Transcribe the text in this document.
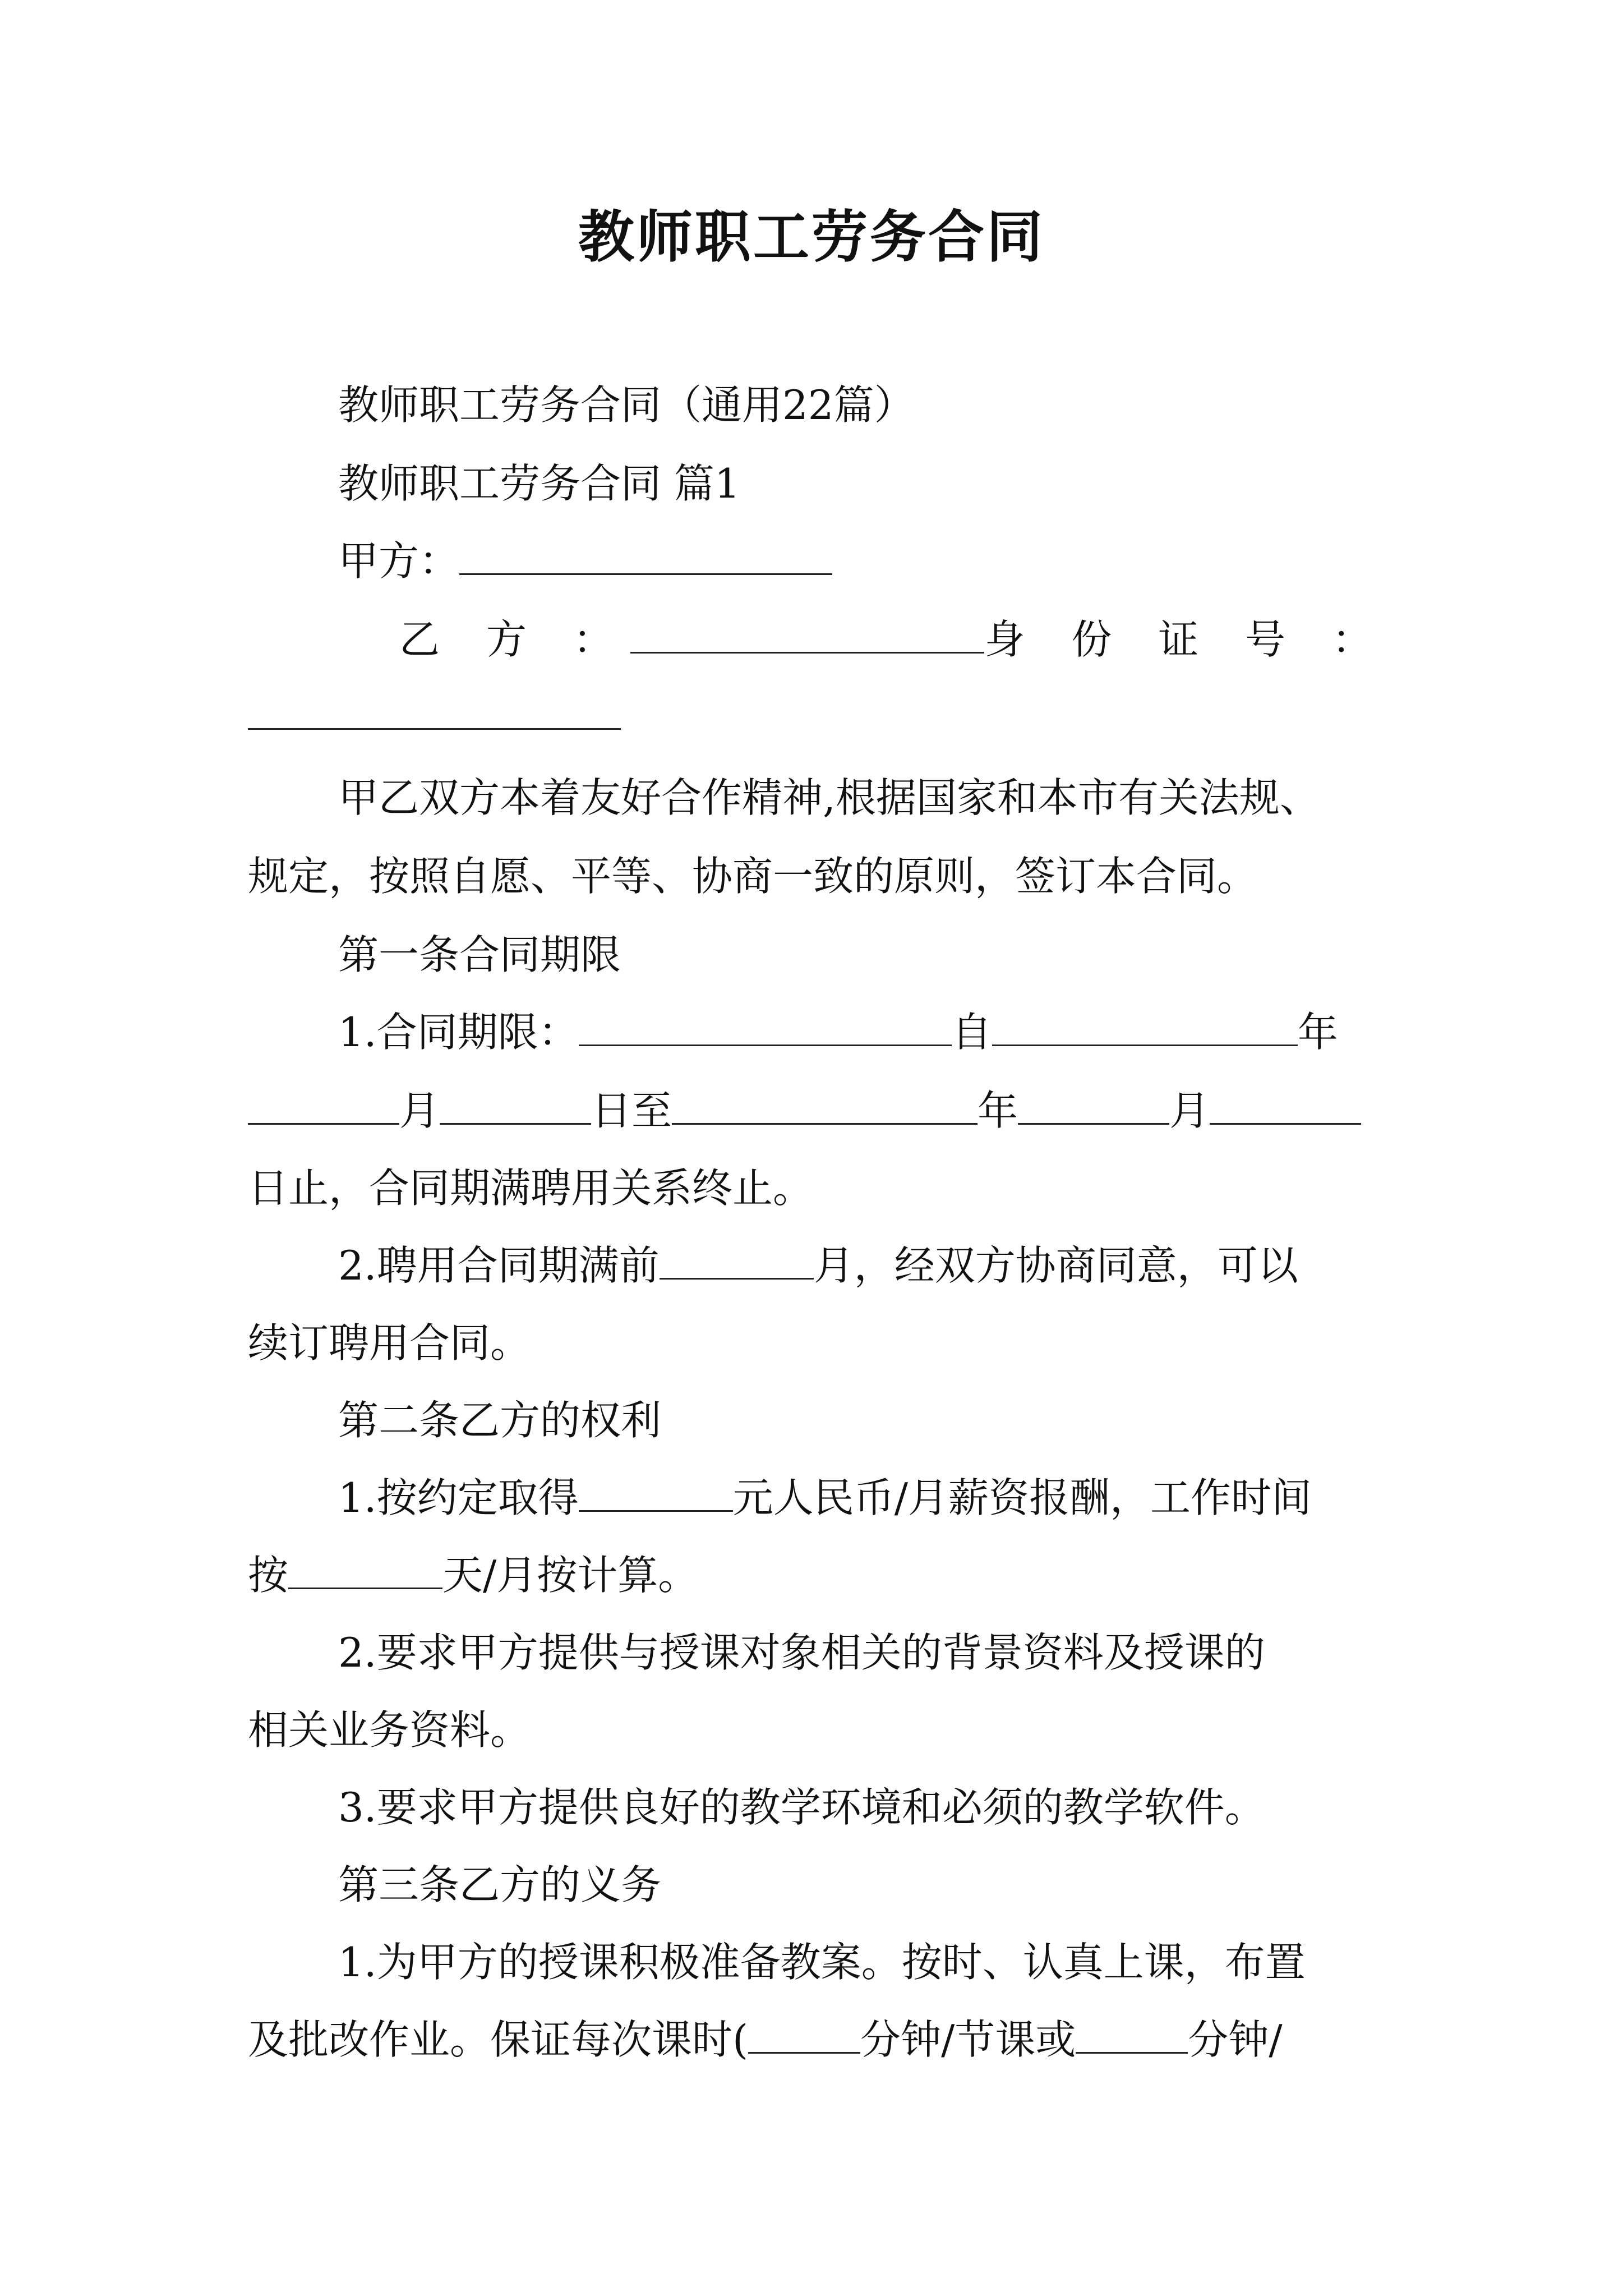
教师职工劳务合同
教师职工劳务合同（通用22篇）
教师职工劳务合同 篇1
甲方：
乙 方 ：	身 份 证 号 ：
甲乙双方本着友好合作精神,根据国家和本市有关法规、
规定，按照自愿、平等、协商一致的原则，签订本合同。
第一条合同期限
1.合同期限：	自	年
月	日至	年	月
日止，合同期满聘用关系终止。
2.聘用合同期满前	月，经双方协商同意，可以
续订聘用合同。
第二条乙方的权利
1.按约定取得	元人民币/月薪资报酬，工作时间
按	天/月按计算。
2.要求甲方提供与授课对象相关的背景资料及授课的
相关业务资料。
3.要求甲方提供良好的教学环境和必须的教学软件。
第三条乙方的义务
1.为甲方的授课积极准备教案。按时、认真上课，布置
及批改作业。保证每次课时(	分钟/节课或	分钟/
